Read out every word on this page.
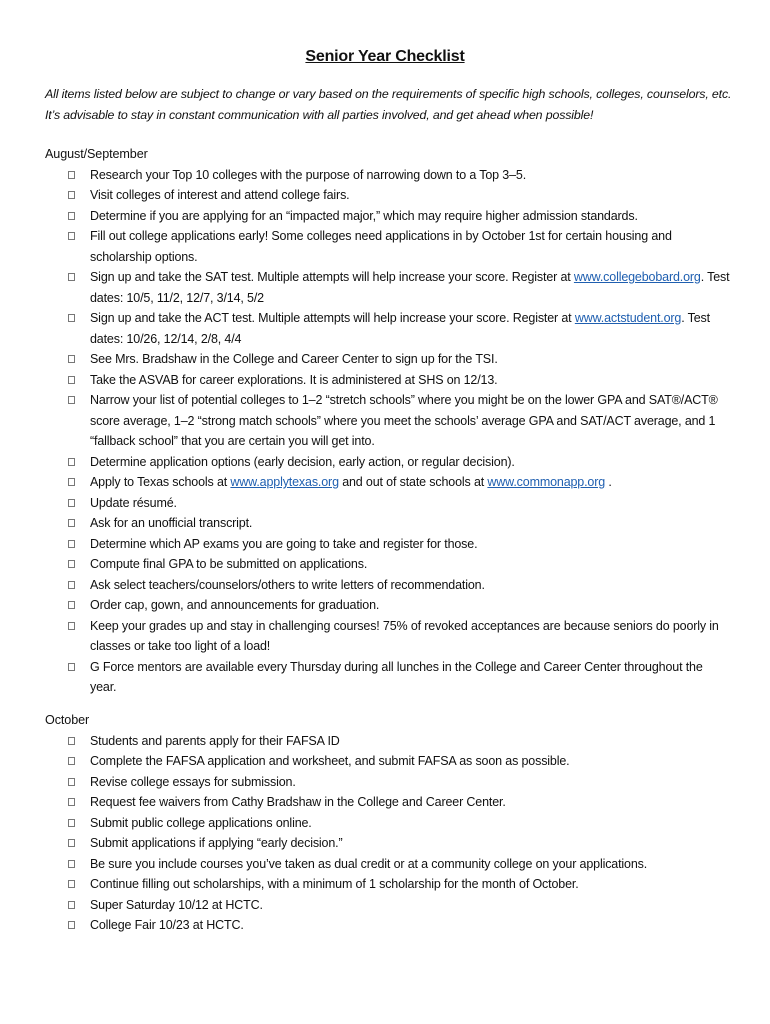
Senior Year Checklist
All items listed below are subject to change or vary based on the requirements of specific high schools, colleges, counselors, etc. It’s advisable to stay in constant communication with all parties involved, and get ahead when possible!
August/September
Research your Top 10 colleges with the purpose of narrowing down to a Top 3–5.
Visit colleges of interest and attend college fairs.
Determine if you are applying for an “impacted major,” which may require higher admission standards.
Fill out college applications early! Some colleges need applications in by October 1st for certain housing and scholarship options.
Sign up and take the SAT test. Multiple attempts will help increase your score. Register at www.collegebobard.org. Test dates: 10/5, 11/2, 12/7, 3/14, 5/2
Sign up and take the ACT test. Multiple attempts will help increase your score. Register at www.actstudent.org. Test dates: 10/26, 12/14, 2/8, 4/4
See Mrs. Bradshaw in the College and Career Center to sign up for the TSI.
Take the ASVAB for career explorations. It is administered at SHS on 12/13.
Narrow your list of potential colleges to 1–2 “stretch schools” where you might be on the lower GPA and SAT®/ACT® score average, 1–2 “strong match schools” where you meet the schools’ average GPA and SAT/ACT average, and 1 “fallback school” that you are certain you will get into.
Determine application options (early decision, early action, or regular decision).
Apply to Texas schools at www.applytexas.org and out of state schools at www.commonapp.org .
Update résumé.
Ask for an unofficial transcript.
Determine which AP exams you are going to take and register for those.
Compute final GPA to be submitted on applications.
Ask select teachers/counselors/others to write letters of recommendation.
Order cap, gown, and announcements for graduation.
Keep your grades up and stay in challenging courses! 75% of revoked acceptances are because seniors do poorly in classes or take too light of a load!
G Force mentors are available every Thursday during all lunches in the College and Career Center throughout the year.
October
Students and parents apply for their FAFSA ID
Complete the FAFSA application and worksheet, and submit FAFSA as soon as possible.
Revise college essays for submission.
Request fee waivers from Cathy Bradshaw in the College and Career Center.
Submit public college applications online.
Submit applications if applying “early decision.”
Be sure you include courses you’ve taken as dual credit or at a community college on your applications.
Continue filling out scholarships, with a minimum of 1 scholarship for the month of October.
Super Saturday 10/12 at HCTC.
College Fair 10/23 at HCTC.
